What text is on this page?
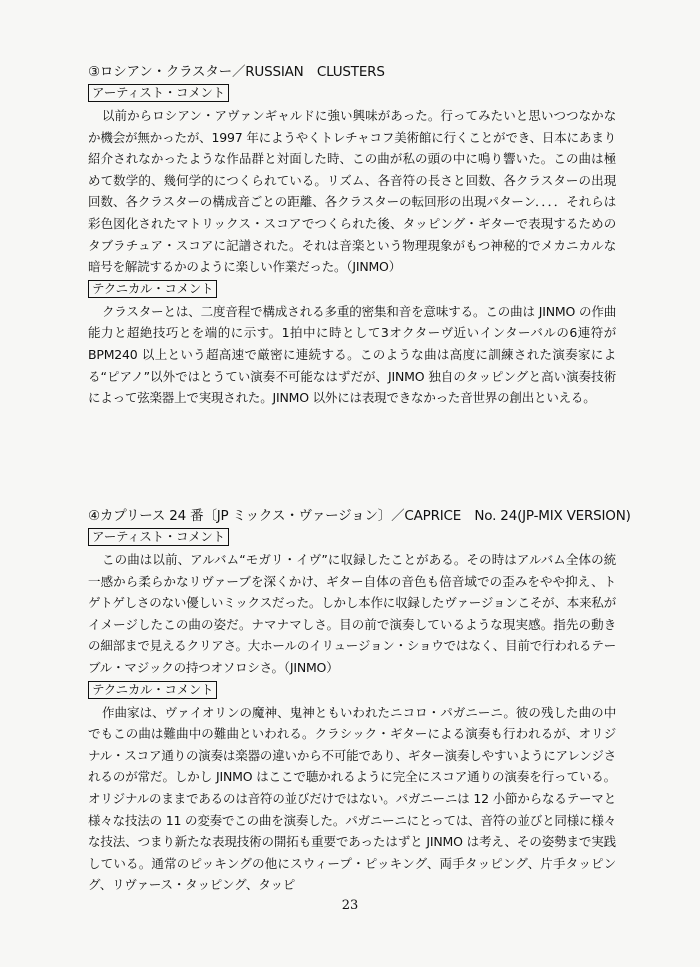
③ロシアン・クラスター／RUSSIAN　CLUSTERS
アーティスト・コメント

以前からロシアン・アヴァンギャルドに強い興味があった。行ってみたいと思いつつなかなか機会が無かったが、1997 年にようやくトレチャコフ美術館に行くことができ、日本にあまり紹介されなかったような作品群と対面した時、この曲が私の頭の中に鳴り響いた。この曲は極めて数学的、幾何学的につくられている。リズム、各音符の長さと回数、各クラスターの出現回数、各クラスターの構成音ごとの距離、各クラスターの転回形の出現パターン．．．．それらは彩色図化されたマトリックス・スコアでつくられた後、タッピング・ギターで表現するためのタブラチュア・スコアに記譜された。それは音楽という物理現象がもつ神秘的でメカニカルな暗号を解読するかのように楽しい作業だった。（JINMO）

テクニカル・コメント

クラスターとは、二度音程で構成される多重的密集和音を意味する。この曲は JINMO の作曲能力と超絶技巧とを端的に示す。1拍中に時として3オクターヴ近いインターバルの6連符が BPM240 以上という超高速で厳密に連続する。このような曲は高度に訓練された演奏家による“ピアノ”以外ではとうてい演奏不可能なはずだが、JINMO 独自のタッピングと高い演奏技術によって弦楽器上で実現された。JINMO 以外には表現できなかった音世界の創出といえる。

④カプリース 24 番〔JP ミックス・ヴァージョン〕／CAPRICE　No. 24(JP-MIX VERSION)
アーティスト・コメント

この曲は以前、アルバム“モガリ・イヴ”に収録したことがある。その時はアルバム全体の統一感から柔らかなリヴァーブを深くかけ、ギター自体の音色も倍音域での歪みをやや抑え、トゲトゲしさのない優しいミックスだった。しかし本作に収録したヴァージョンこそが、本来私がイメージしたこの曲の姿だ。ナマナマしさ。目の前で演奏しているような現実感。指先の動きの細部まで見えるクリアさ。大ホールのイリュージョン・ショウではなく、目前で行われるテーブル・マジックの持つオソロシさ。（JINMO）

テクニカル・コメント

作曲家は、ヴァイオリンの魔神、鬼神ともいわれたニコロ・パガニーニ。彼の残した曲の中でもこの曲は難曲中の難曲といわれる。クラシック・ギターによる演奏も行われるが、オリジナル・スコア通りの演奏は楽器の違いから不可能であり、ギター演奏しやすいようにアレンジされるのが常だ。しかし JINMO はここで聴かれるように完全にスコア通りの演奏を行っている。オリジナルのままであるのは音符の並びだけではない。パガニーニは 12 小節からなるテーマと様々な技法の 11 の変奏でこの曲を演奏した。パガニーニにとっては、音符の並びと同様に様々な技法、つまり新たな表現技術の開拓も重要であったはずと JINMO は考え、その姿勢まで実践している。通常のピッキングの他にスウィープ・ピッキング、両手タッピング、片手タッピング、リヴァース・タッピング、タッピ

23
